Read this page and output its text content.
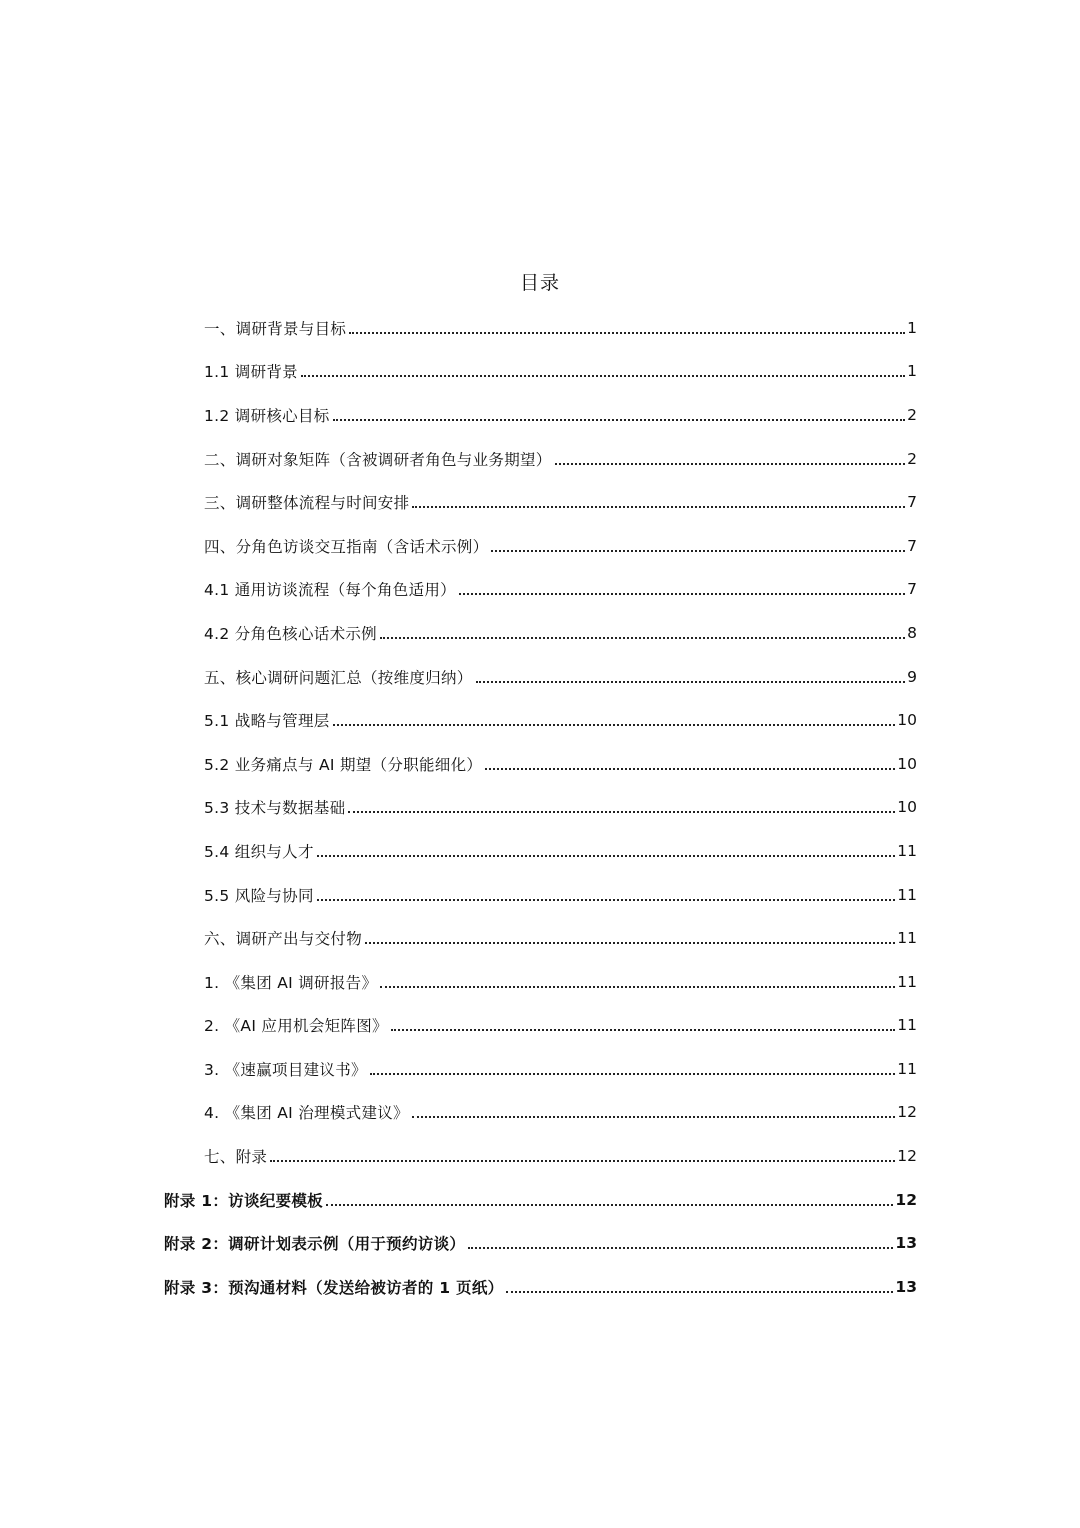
目录
一、调研背景与目标	1
1.1 调研背景	1
1.2 调研核心目标	2
二、调研对象矩阵（含被调研者角色与业务期望）	2
三、调研整体流程与时间安排	7
四、分角色访谈交互指南（含话术示例）	7
4.1 通用访谈流程（每个角色适用）	7
4.2 分角色核心话术示例	8
五、核心调研问题汇总（按维度归纳）	9
5.1 战略与管理层	10
5.2 业务痛点与 AI 期望（分职能细化）	10
5.3 技术与数据基础	10
5.4 组织与人才	11
5.5 风险与协同	11
六、调研产出与交付物	11
1. 《集团 AI 调研报告》	11
2. 《AI 应用机会矩阵图》	11
3. 《速赢项目建议书》	11
4. 《集团 AI 治理模式建议》	12
七、附录	12
附录 1：访谈纪要模板	12
附录 2：调研计划表示例（用于预约访谈）	13
附录 3：预沟通材料（发送给被访者的 1 页纸）	13
